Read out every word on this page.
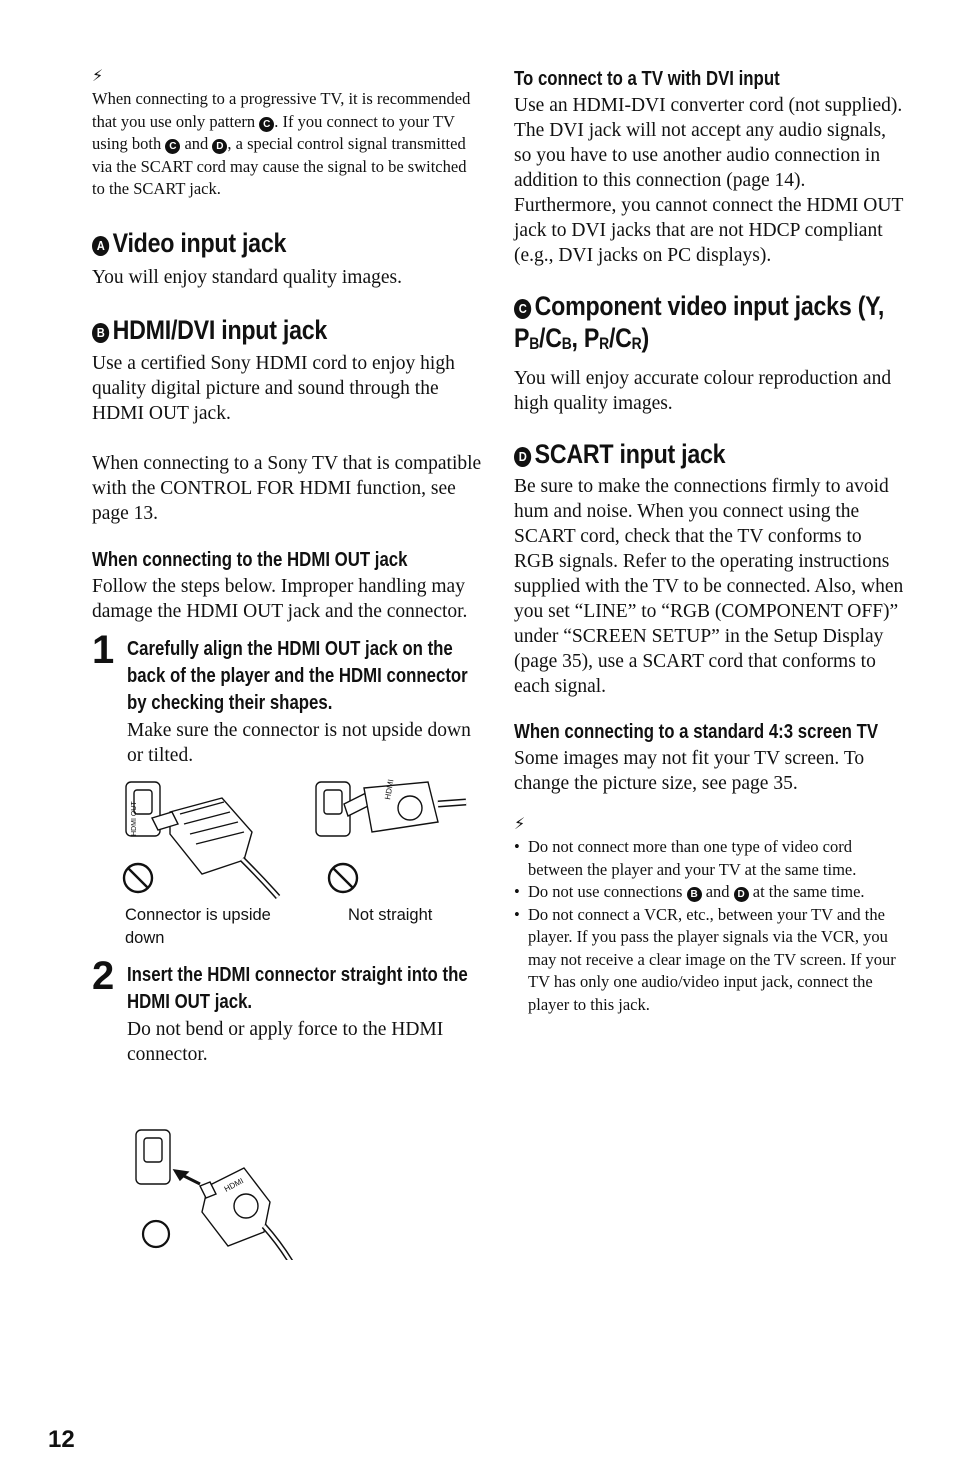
⚡
When connecting to a progressive TV, it is recommended that you use only pattern C . If you connect to your TV using both C and D , a special control signal transmitted via the SCART cord may cause the signal to be switched to the SCART jack.
A Video input jack
You will enjoy standard quality images.
B HDMI/DVI input jack
Use a certified Sony HDMI cord to enjoy high quality digital picture and sound through the HDMI OUT jack.
When connecting to a Sony TV that is compatible with the CONTROL FOR HDMI function, see page 13.
When connecting to the HDMI OUT jack
Follow the steps below. Improper handling may damage the HDMI OUT jack and the connector.
1 Carefully align the HDMI OUT jack on the back of the player and the HDMI connector by checking their shapes.
Make sure the connector is not upside down or tilted.
HDMI OUT
HDMI
Connector is upside down
Not straight
2 Insert the HDMI connector straight into the HDMI OUT jack.
Do not bend or apply force to the HDMI connector.
HDMI
To connect to a TV with DVI input
Use an HDMI-DVI converter cord (not supplied). The DVI jack will not accept any audio signals, so you have to use another audio connection in addition to this connection (page 14). Furthermore, you cannot connect the HDMI OUT jack to DVI jacks that are not HDCP compliant (e.g., DVI jacks on PC displays).
C Component video input jacks (Y, $P_B/C_B$, $P_R/C_R$)
You will enjoy accurate colour reproduction and high quality images.
D SCART input jack
Be sure to make the connections firmly to avoid hum and noise. When you connect using the SCART cord, check that the TV conforms to RGB signals. Refer to the operating instructions supplied with the TV to be connected. Also, when you set “LINE” to “RGB (COMPONENT OFF)” under “SCREEN SETUP” in the Setup Display (page 35), use a SCART cord that conforms to each signal.
When connecting to a standard 4:3 screen TV
Some images may not fit your TV screen. To change the picture size, see page 35.
⚡
• Do not connect more than one type of video cord between the player and your TV at the same time.
• Do not use connections B and D at the same time.
• Do not connect a VCR, etc., between your TV and the player. If you pass the player signals via the VCR, you may not receive a clear image on the TV screen. If your TV has only one audio/video input jack, connect the player to this jack.
12
